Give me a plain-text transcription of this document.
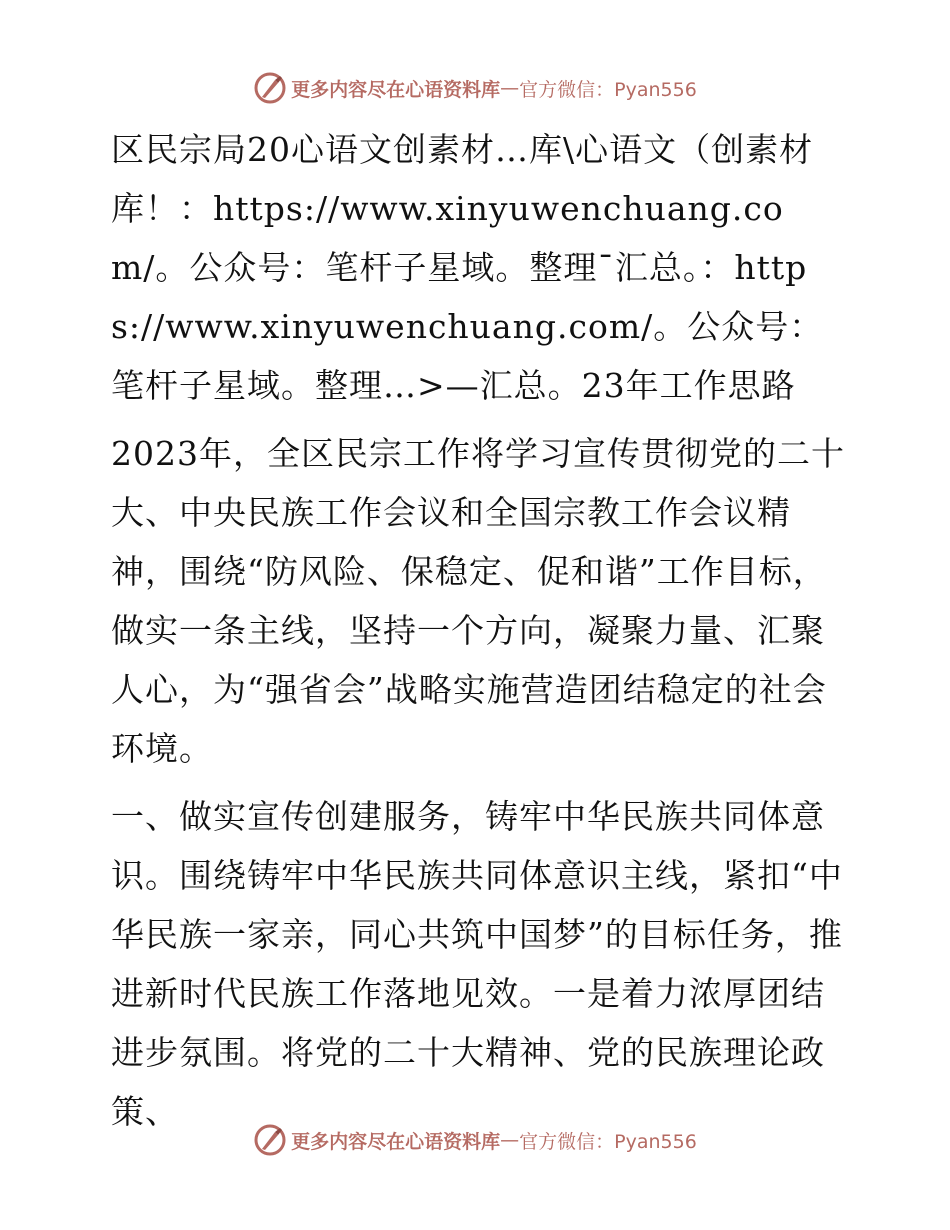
更多内容尽在心语资料库 — 官方微信：Pyan556

区民宗局20心语文创素材…库\心语文（创素材库！：https://www.xinyuwenchuang.com/。公众号：笔杆子星域。整理¯汇总。：https://www.xinyuwenchuang.com/。公众号：笔杆子星域。整理…>—汇总。23年工作思路

2023年，全区民宗工作将学习宣传贯彻党的二十大、中央民族工作会议和全国宗教工作会议精神，围绕“防风险、保稳定、促和谐”工作目标，做实一条主线，坚持一个方向，凝聚力量、汇聚人心，为“强省会”战略实施营造团结稳定的社会环境。

一、做实宣传创建服务，铸牢中华民族共同体意识。围绕铸牢中华民族共同体意识主线，紧扣“中华民族一家亲，同心共筑中国梦”的目标任务，推进新时代民族工作落地见效。一是着力浓厚团结进步氛围。将党的二十大精神、党的民族理论政策、

更多内容尽在心语资料库 — 官方微信：Pyan556
